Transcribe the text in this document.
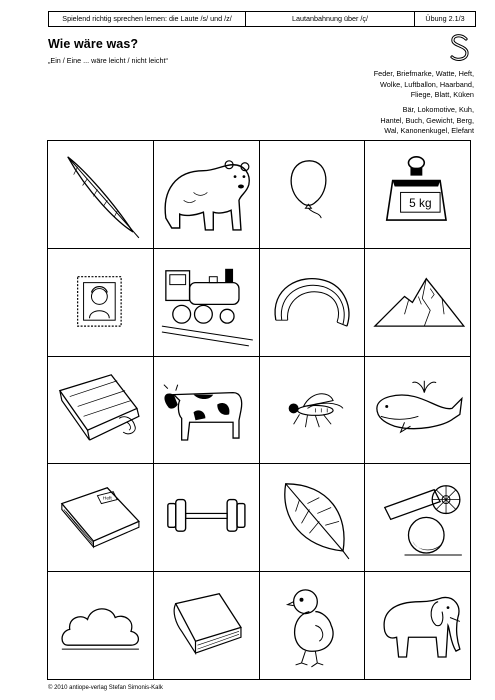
Spielend richtig sprechen lernen: die Laute /s/ und /z/	Lautanbahnung über /ç/	Übung 2.1/3
Wie wäre was?
„Ein / Eine ... wäre leicht / nicht leicht“
Feder, Briefmarke, Watte, Heft,
Wolke, Luftballon, Haarband,
Fliege, Blatt, Küken
Bär, Lokomotive, Kuh,
Hantel, Buch, Gewicht, Berg,
Wal, Kanonenkugel, Elefant
5 kg
Heft
© 2010 antiope-verlag Stefan Simonis-Kalk
